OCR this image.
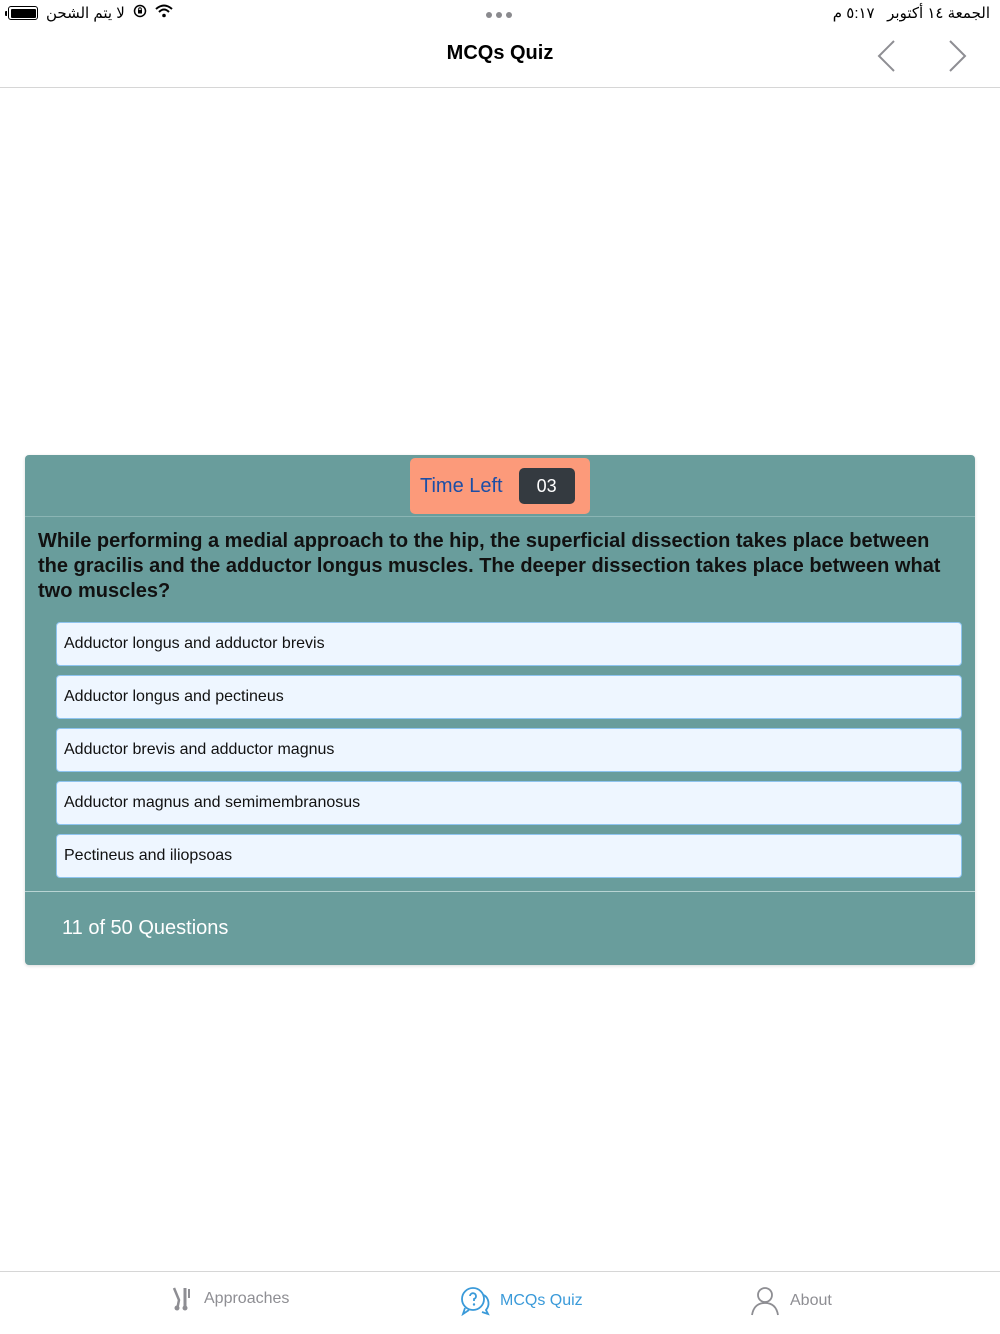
لا يتم الشحن	الجمعة ١٤ أكتوبر   ٥:١٧ م
MCQs Quiz
Time Left	03
While performing a medial approach to the hip, the superficial dissection takes place between the gracilis and the adductor longus muscles. The deeper dissection takes place between what two muscles?
Adductor longus and adductor brevis
Adductor longus and pectineus
Adductor brevis and adductor magnus
Adductor magnus and semimembranosus
Pectineus and iliopsoas
11 of 50 Questions
Approaches	MCQs Quiz	About
